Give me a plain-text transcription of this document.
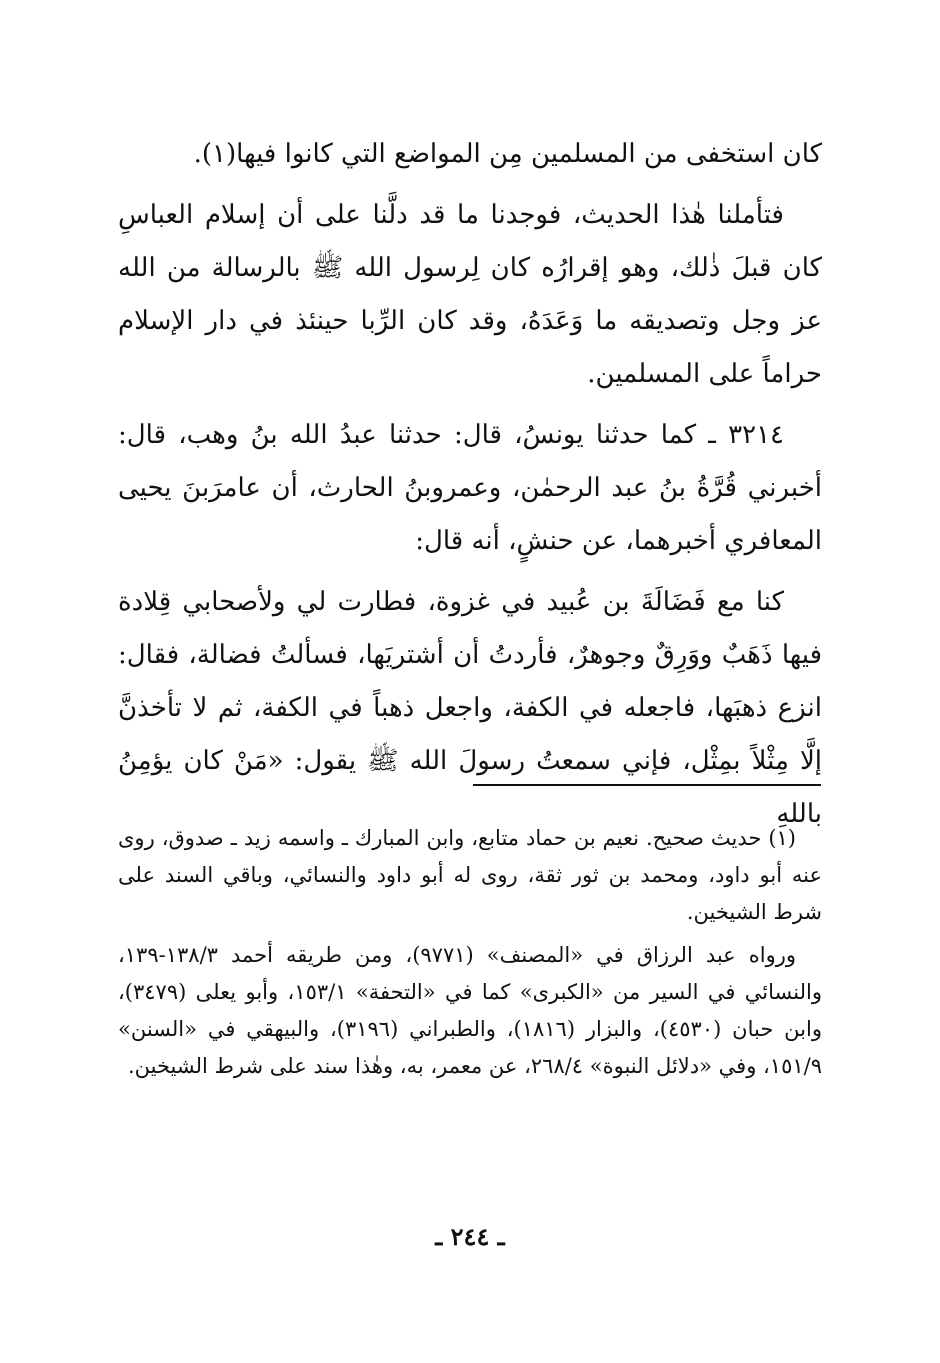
كان استخفى من المسلمين مِن المواضع التي كانوا فيها(١).

فتأملنا هٰذا الحديث، فوجدنا ما قد دلَّنا على أن إسلام العباسِ كان قبلَ ذٰلك، وهو إقرارُه كان لِرسول الله ﷺ بالرسالة من الله عز وجل وتصديقه ما وَعَدَهُ، وقد كان الرِّبا حينئذ في دار الإسلام حراماً على المسلمين.

٣٢١٤ ـ كما حدثنا يونسُ، قال: حدثنا عبدُ الله بنُ وهب، قال: أخبرني قُرَّةُ بنُ عبد الرحمٰن، وعمروبنُ الحارث، أن عامرَبنَ يحيى المعافري أخبرهما، عن حنشٍ، أنه قال:

كنا مع فَضَالَةَ بن عُبيد في غزوة، فطارت لي ولأصحابي قِلادة فيها ذَهَبٌ ووَرِقٌ وجوهرٌ، فأردتُ أن أشتريَها، فسألتُ فضالة، فقال: انزع ذهبَها، فاجعله في الكفة، واجعل ذهباً في الكفة، ثم لا تأخذنَّ إلَّا مِثْلاً بمِثْل، فإني سمعتُ رسولَ الله ﷺ يقول: «مَنْ كان يؤمِنُ باللهِ

(١) حديث صحيح. نعيم بن حماد متابع، وابن المبارك ـ واسمه زيد ـ صدوق، روى عنه أبو داود، ومحمد بن ثور ثقة، روى له أبو داود والنسائي، وباقي السند على شرط الشيخين.

ورواه عبد الرزاق في «المصنف» (٩٧٧١)، ومن طريقه أحمد ١٣٨/٣-١٣٩، والنسائي في السير من «الكبرى» كما في «التحفة» ١٥٣/١، وأبو يعلى (٣٤٧٩)، وابن حبان (٤٥٣٠)، والبزار (١٨١٦)، والطبراني (٣١٩٦)، والبيهقي في «السنن» ١٥١/٩، وفي «دلائل النبوة» ٢٦٨/٤، عن معمر، به، وهٰذا سند على شرط الشيخين.

ـ ٢٤٤ ـ
